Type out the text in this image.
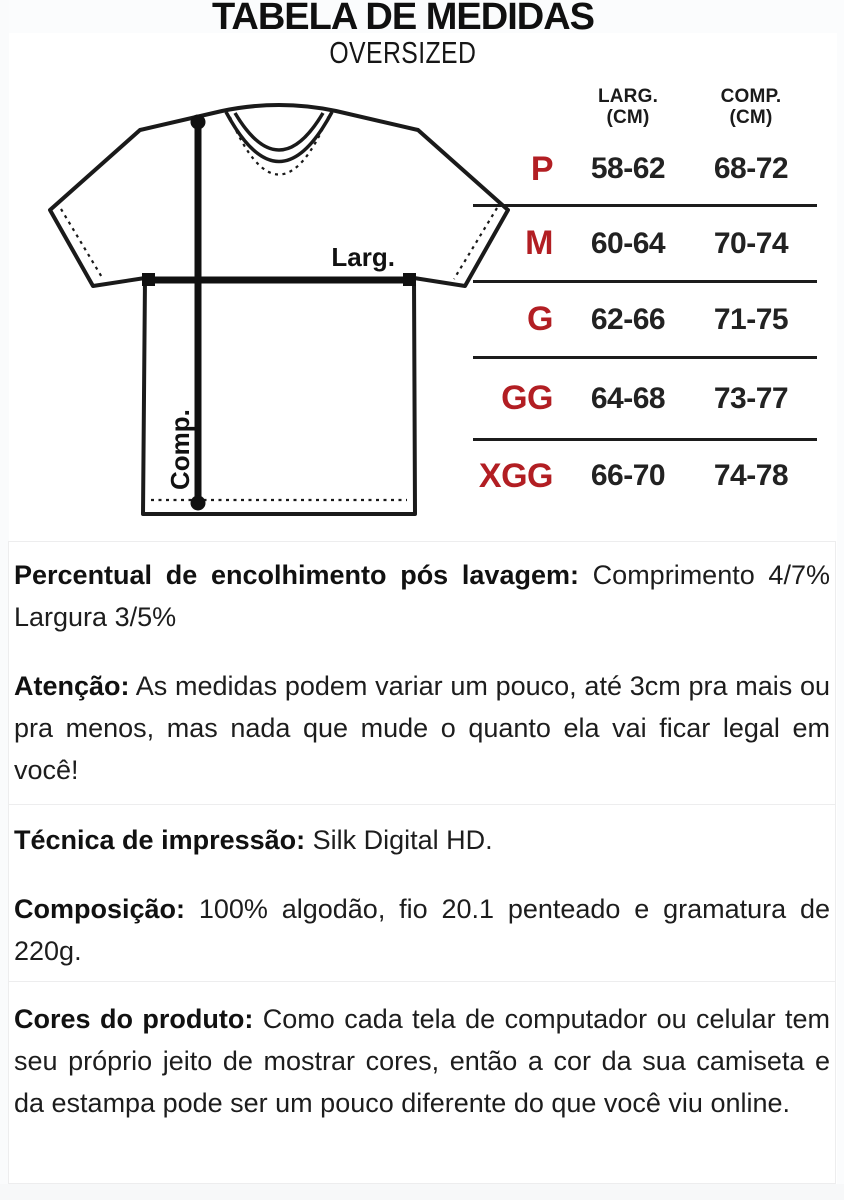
TABELA DE MEDIDAS
OVERSIZED
Larg.
Comp.
LARG.
(CM)
COMP.
(CM)
P	58-62	68-72
M	60-64	70-74
G	62-66	71-75
GG	64-68	73-77
XGG	66-70	74-78

Percentual de encolhimento pós lavagem: Comprimento 4/7% Largura 3/5%

Atenção: As medidas podem variar um pouco, até 3cm pra mais ou pra menos, mas nada que mude o quanto ela vai ficar legal em você!

Técnica de impressão: Silk Digital HD.

Composição: 100% algodão, fio 20.1 penteado e gramatura de 220g.

Cores do produto: Como cada tela de computador ou celular tem seu próprio jeito de mostrar cores, então a cor da sua camiseta e da estampa pode ser um pouco diferente do que você viu online.
